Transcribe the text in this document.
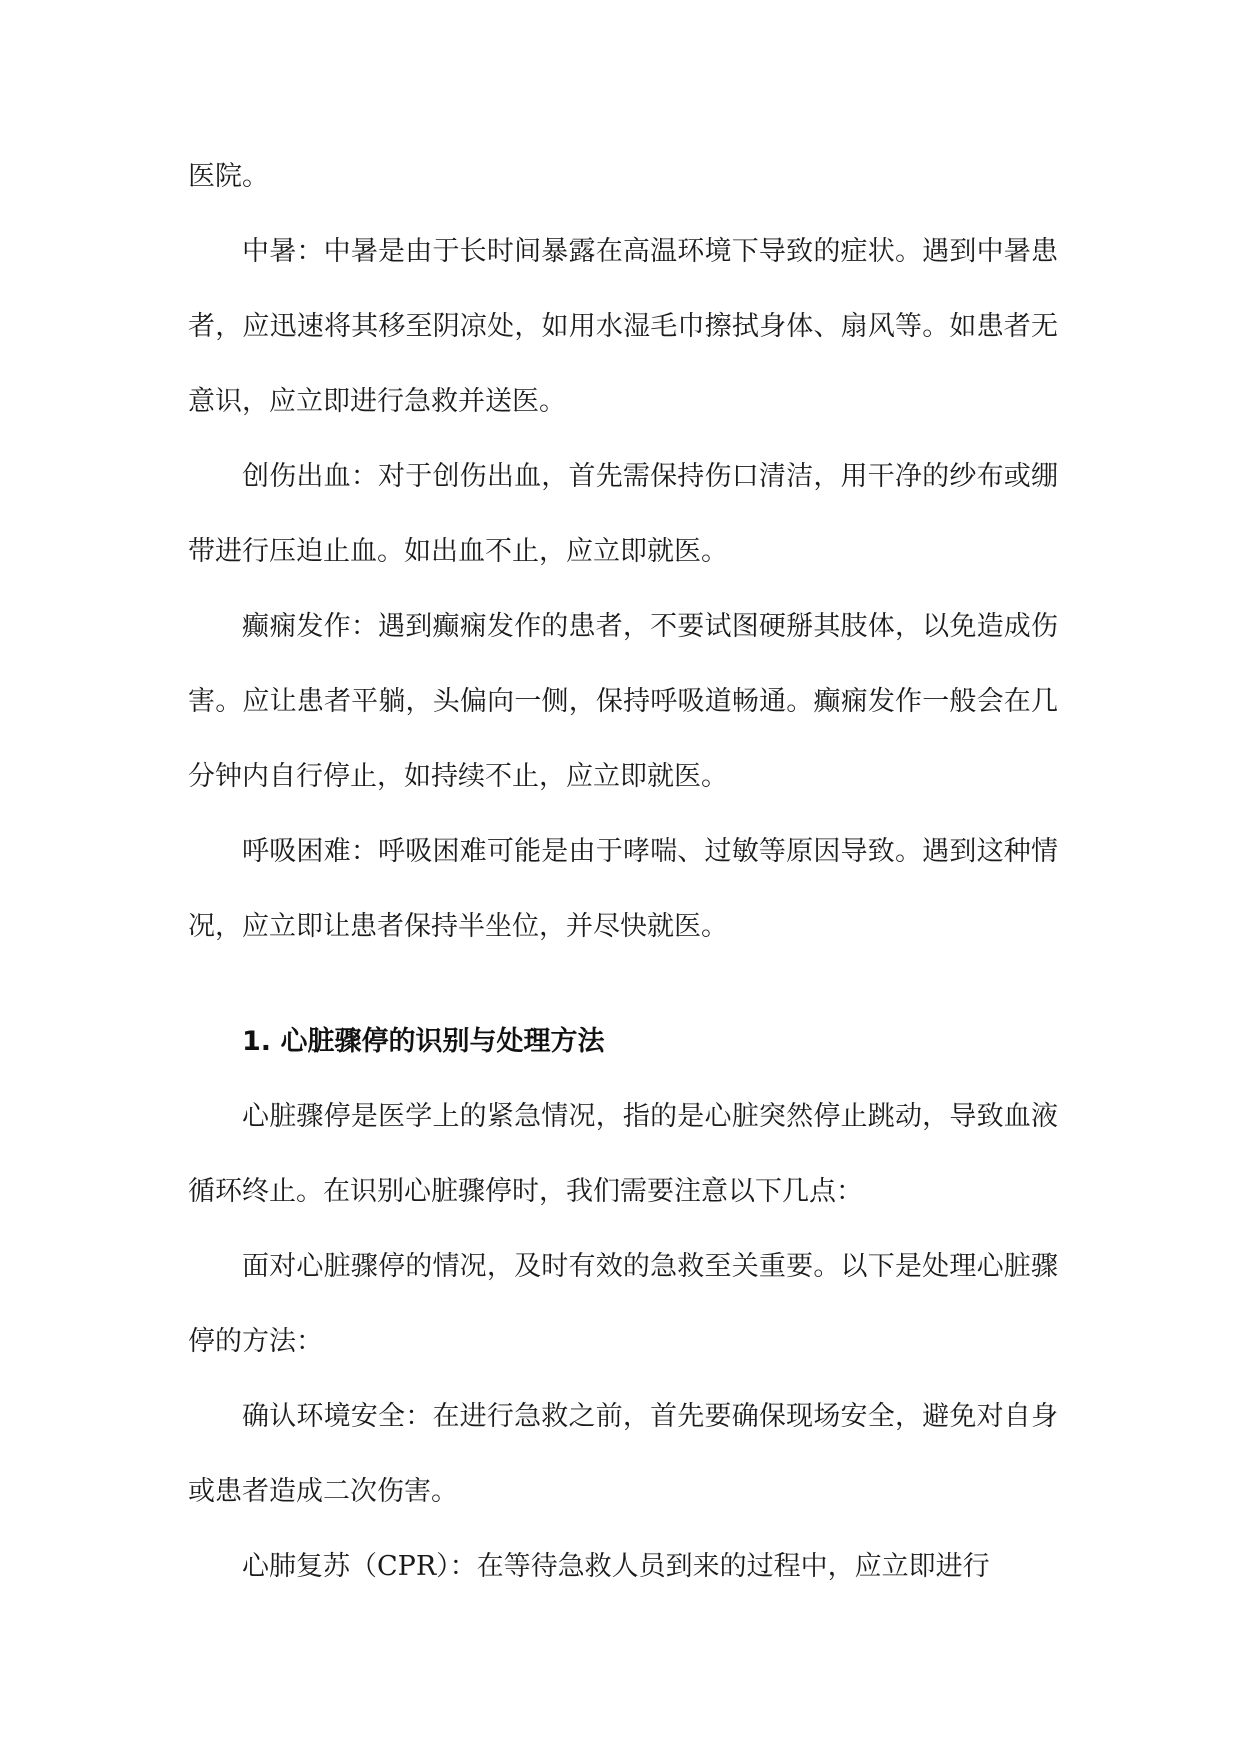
医院。

中暑：中暑是由于长时间暴露在高温环境下导致的症状。遇到中暑患者，应迅速将其移至阴凉处，如用水湿毛巾擦拭身体、扇风等。如患者无意识，应立即进行急救并送医。

创伤出血：对于创伤出血，首先需保持伤口清洁，用干净的纱布或绷带进行压迫止血。如出血不止，应立即就医。

癫痫发作：遇到癫痫发作的患者，不要试图硬掰其肢体，以免造成伤害。应让患者平躺，头偏向一侧，保持呼吸道畅通。癫痫发作一般会在几分钟内自行停止，如持续不止，应立即就医。

呼吸困难：呼吸困难可能是由于哮喘、过敏等原因导致。遇到这种情况，应立即让患者保持半坐位，并尽快就医。

1. 心脏骤停的识别与处理方法

心脏骤停是医学上的紧急情况，指的是心脏突然停止跳动，导致血液循环终止。在识别心脏骤停时，我们需要注意以下几点：

面对心脏骤停的情况，及时有效的急救至关重要。以下是处理心脏骤停的方法：

确认环境安全：在进行急救之前，首先要确保现场安全，避免对自身或患者造成二次伤害。

心肺复苏（CPR）：在等待急救人员到来的过程中，应立即进行
